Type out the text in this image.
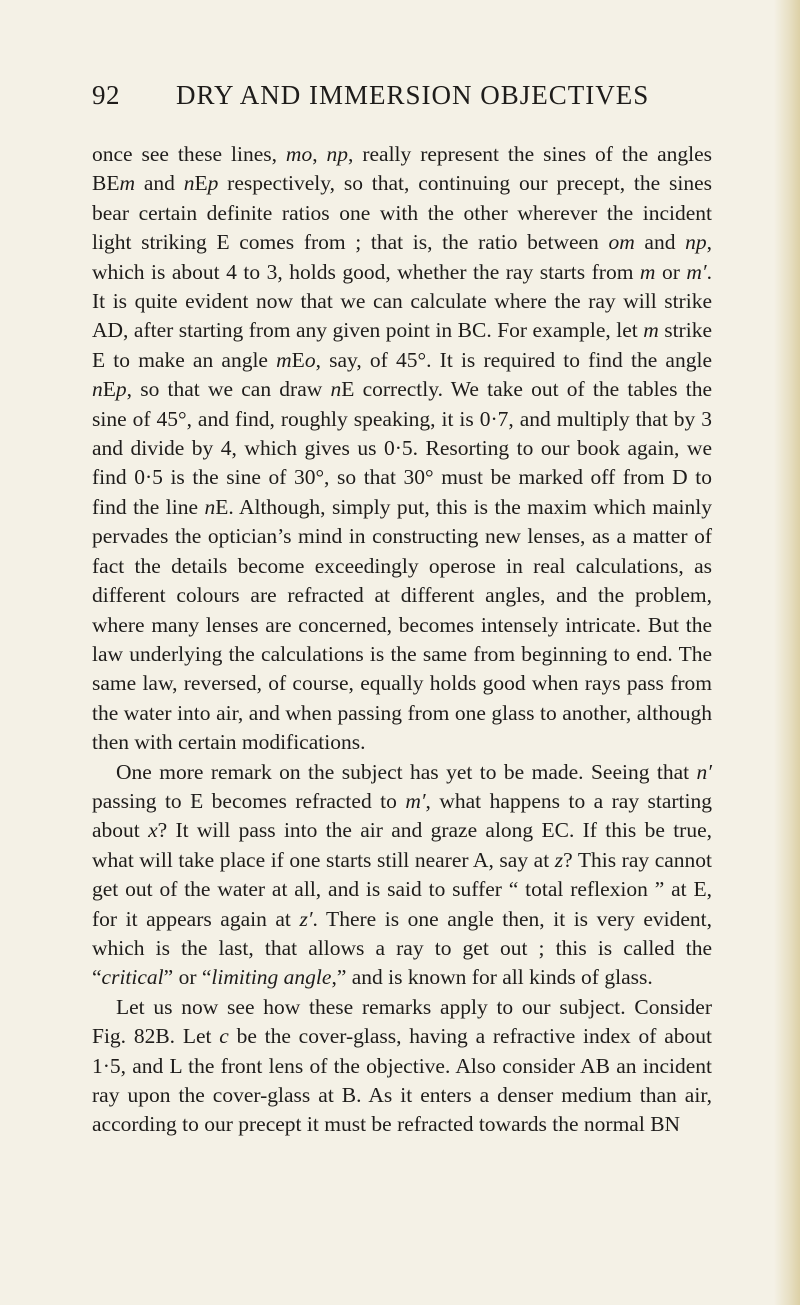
92 DRY AND IMMERSION OBJECTIVES

once see these lines, mo, np, really represent the sines of the angles BEm and nEp respectively, so that, continuing our precept, the sines bear certain definite ratios one with the other wherever the incident light striking E comes from ; that is, the ratio between om and np, which is about 4 to 3, holds good, whether the ray starts from m or m′. It is quite evident now that we can calculate where the ray will strike AD, after starting from any given point in BC. For example, let m strike E to make an angle mEo, say, of 45°. It is required to find the angle nEp, so that we can draw nE correctly. We take out of the tables the sine of 45°, and find, roughly speaking, it is 0·7, and multiply that by 3 and divide by 4, which gives us 0·5. Resorting to our book again, we find 0·5 is the sine of 30°, so that 30° must be marked off from D to find the line nE. Although, simply put, this is the maxim which mainly pervades the optician’s mind in constructing new lenses, as a matter of fact the details become exceedingly operose in real calculations, as different colours are refracted at different angles, and the problem, where many lenses are concerned, becomes intensely intricate. But the law underlying the calculations is the same from beginning to end. The same law, reversed, of course, equally holds good when rays pass from the water into air, and when passing from one glass to another, although then with certain modifications.

One more remark on the subject has yet to be made. Seeing that n′ passing to E becomes refracted to m′, what happens to a ray starting about x? It will pass into the air and graze along EC. If this be true, what will take place if one starts still nearer A, say at z? This ray cannot get out of the water at all, and is said to suffer “ total reflexion ” at E, for it appears again at z′. There is one angle then, it is very evident, which is the last, that allows a ray to get out ; this is called the “critical” or “limiting angle,” and is known for all kinds of glass.

Let us now see how these remarks apply to our subject. Consider Fig. 82B. Let c be the cover-glass, having a refractive index of about 1·5, and L the front lens of the objective. Also consider AB an incident ray upon the cover-glass at B. As it enters a denser medium than air, according to our precept it must be refracted towards the normal BN
